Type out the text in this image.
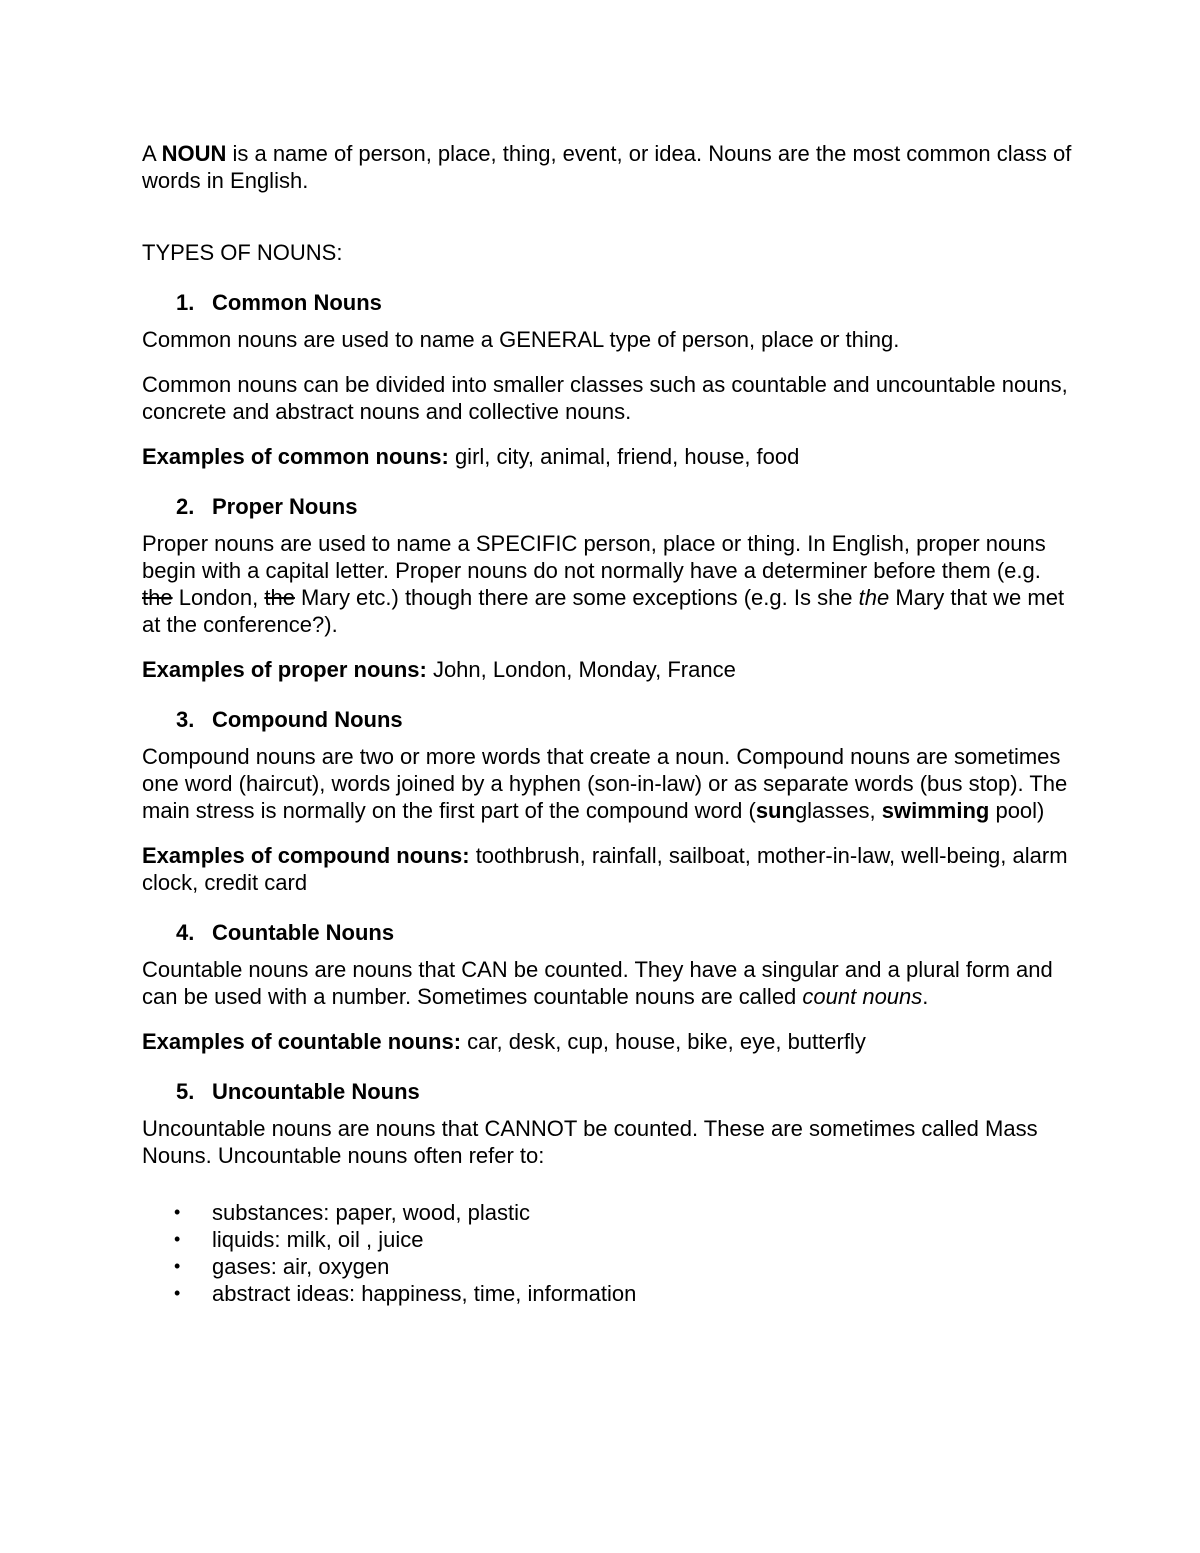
A NOUN is a name of person, place, thing, event, or idea. Nouns are the most common class of words in English.

TYPES OF NOUNS:

1. Common Nouns

Common nouns are used to name a GENERAL type of person, place or thing.

Common nouns can be divided into smaller classes such as countable and uncountable nouns, concrete and abstract nouns and collective nouns.

Examples of common nouns: girl, city, animal, friend, house, food

2. Proper Nouns

Proper nouns are used to name a SPECIFIC person, place or thing. In English, proper nouns begin with a capital letter. Proper nouns do not normally have a determiner before them (e.g. the London, the Mary etc.) though there are some exceptions (e.g. Is she the Mary that we met at the conference?).

Examples of proper nouns: John, London, Monday, France

3. Compound Nouns

Compound nouns are two or more words that create a noun. Compound nouns are sometimes one word (haircut), words joined by a hyphen (son-in-law) or as separate words (bus stop). The main stress is normally on the first part of the compound word (sunglasses, swimming pool)

Examples of compound nouns: toothbrush, rainfall, sailboat, mother-in-law, well-being, alarm clock, credit card

4. Countable Nouns

Countable nouns are nouns that CAN be counted. They have a singular and a plural form and can be used with a number. Sometimes countable nouns are called count nouns.

Examples of countable nouns: car, desk, cup, house, bike, eye, butterfly

5. Uncountable Nouns

Uncountable nouns are nouns that CANNOT be counted. These are sometimes called Mass Nouns. Uncountable nouns often refer to:

•	substances: paper, wood, plastic
•	liquids: milk, oil , juice
•	gases: air, oxygen
•	abstract ideas: happiness, time, information
